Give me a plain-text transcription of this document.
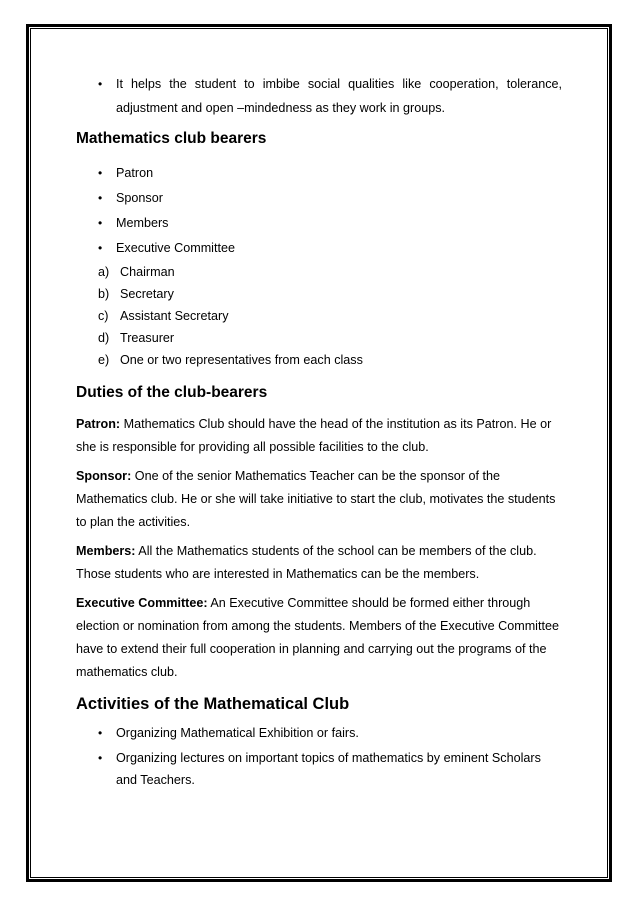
• It helps the student to imbibe social qualities like cooperation, tolerance, adjustment and open –mindedness as they work in groups.
Mathematics club bearers
• Patron
• Sponsor
• Members
• Executive Committee
a) Chairman
b) Secretary
c) Assistant Secretary
d) Treasurer
e) One or two representatives from each class
Duties of the club-bearers

Patron: Mathematics Club should have the head of the institution as its Patron. He or she is responsible for providing all possible facilities to the club.

Sponsor: One of the senior Mathematics Teacher can be the sponsor of the Mathematics club. He or she will take initiative to start the club, motivates the students to plan the activities.

Members: All the Mathematics students of the school can be members of the club. Those students who are interested in Mathematics can be the members.

Executive Committee: An Executive Committee should be formed either through election or nomination from among the students. Members of the Executive Committee have to extend their full cooperation in planning and carrying out the programs of the mathematics club.

Activities of the Mathematical Club
• Organizing Mathematical Exhibition or fairs.
• Organizing lectures on important topics of mathematics by eminent Scholars and Teachers.
